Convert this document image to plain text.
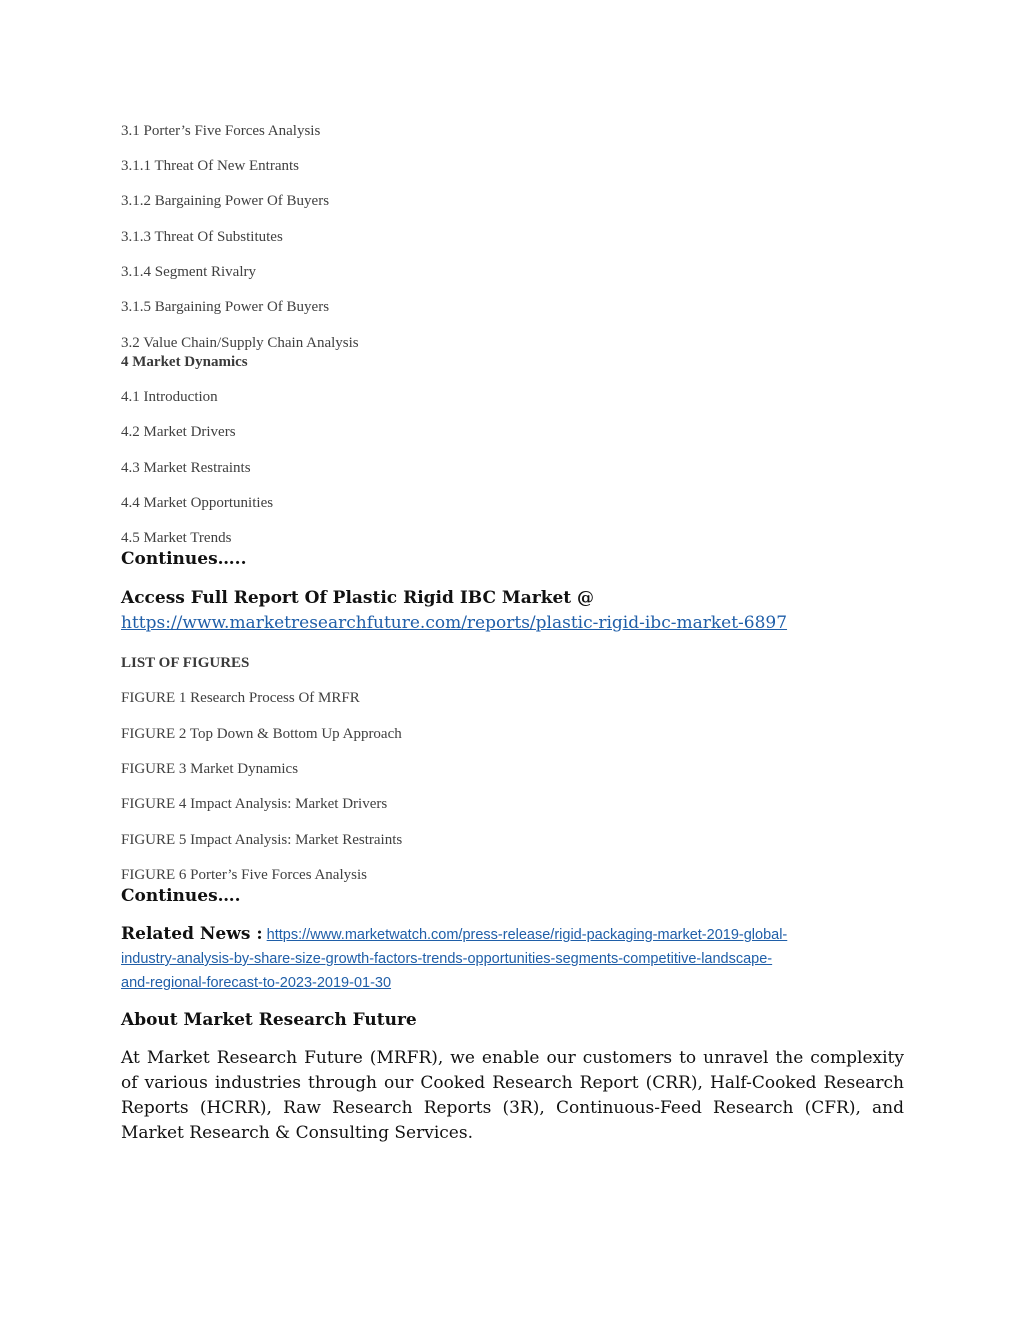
3.1 Porter’s Five Forces Analysis

3.1.1 Threat Of New Entrants

3.1.2 Bargaining Power Of Buyers

3.1.3 Threat Of Substitutes

3.1.4 Segment Rivalry

3.1.5 Bargaining Power Of Buyers

3.2 Value Chain/Supply Chain Analysis

4 Market Dynamics

4.1 Introduction

4.2 Market Drivers

4.3 Market Restraints

4.4 Market Opportunities

4.5 Market Trends

Continues…..

Access Full Report Of Plastic Rigid IBC Market @

https://www.marketresearchfuture.com/reports/plastic-rigid-ibc-market-6897

LIST OF FIGURES

FIGURE 1 Research Process Of MRFR

FIGURE 2 Top Down & Bottom Up Approach

FIGURE 3 Market Dynamics

FIGURE 4 Impact Analysis: Market Drivers

FIGURE 5 Impact Analysis: Market Restraints

FIGURE 6 Porter’s Five Forces Analysis

Continues….

Related News : https://www.marketwatch.com/press-release/rigid-packaging-market-2019-global-
industry-analysis-by-share-size-growth-factors-trends-opportunities-segments-competitive-landscape-
and-regional-forecast-to-2023-2019-01-30

About Market Research Future

At Market Research Future (MRFR), we enable our customers to unravel the complexity of various industries through our Cooked Research Report (CRR), Half-Cooked Research Reports (HCRR), Raw Research Reports (3R), Continuous-Feed Research (CFR), and Market Research & Consulting Services.
